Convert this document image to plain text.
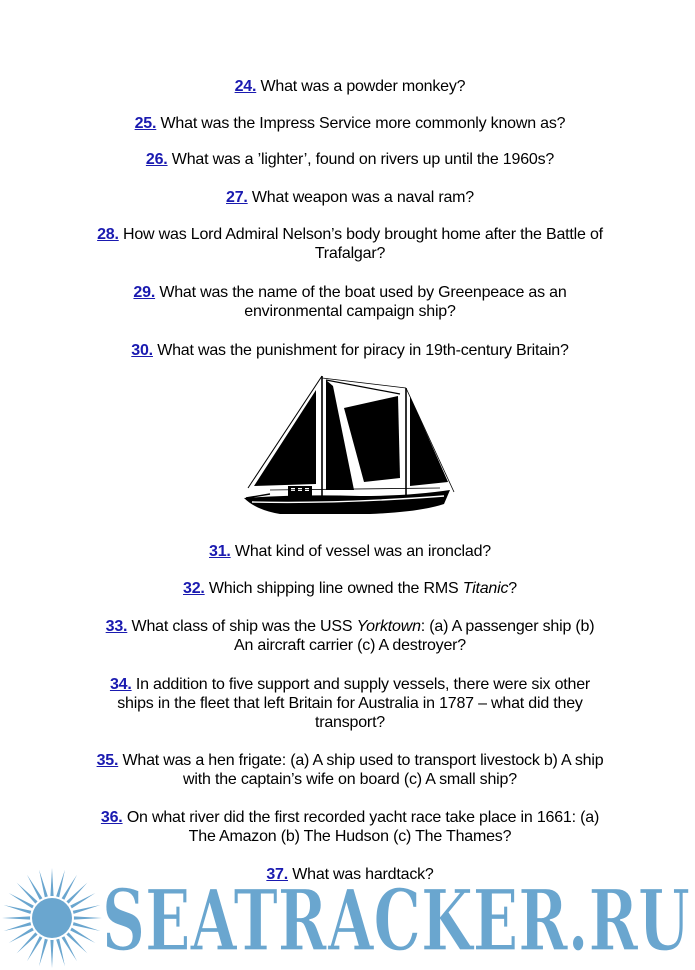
24. What was a powder monkey?
25. What was the Impress Service more commonly known as?
26. What was a ’lighter’, found on rivers up until the 1960s?
27. What weapon was a naval ram?
28. How was Lord Admiral Nelson’s body brought home after the Battle of Trafalgar?
29. What was the name of the boat used by Greenpeace as an environmental campaign ship?
30. What was the punishment for piracy in 19th-century Britain?
31. What kind of vessel was an ironclad?
32. Which shipping line owned the RMS Titanic?
33. What class of ship was the USS Yorktown: (a) A passenger ship (b) An aircraft carrier (c) A destroyer?
34. In addition to five support and supply vessels, there were six other ships in the fleet that left Britain for Australia in 1787 – what did they transport?
35. What was a hen frigate: (a) A ship used to transport livestock b) A ship with the captain’s wife on board (c) A small ship?
36. On what river did the first recorded yacht race take place in 1661: (a) The Amazon (b) The Hudson (c) The Thames?
37. What was hardtack?
SEATRACKER.RU
